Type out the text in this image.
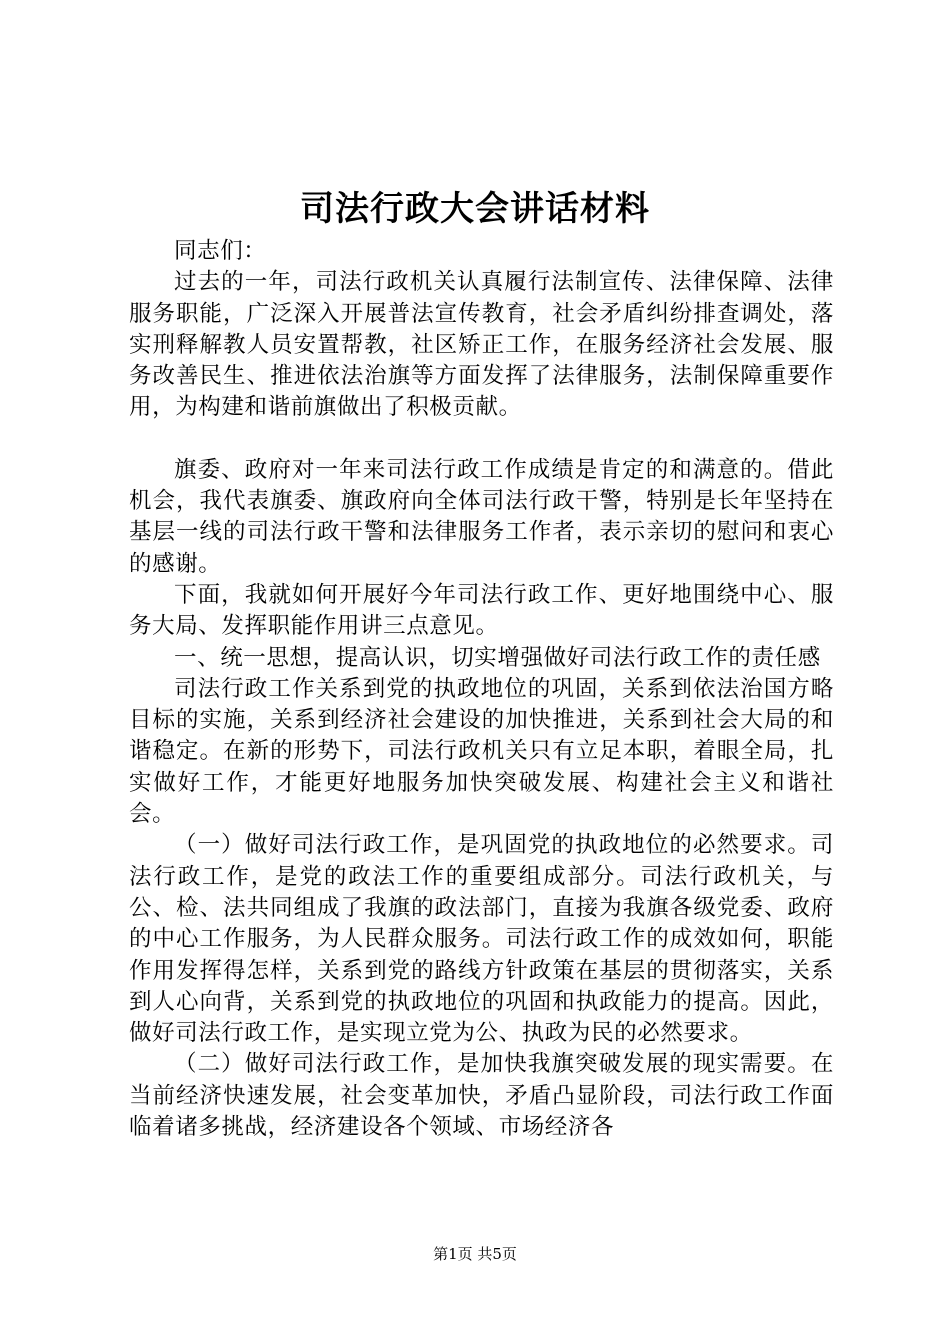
司法行政大会讲话材料

同志们：

过去的一年，司法行政机关认真履行法制宣传、法律保障、法律服务职能，广泛深入开展普法宣传教育，社会矛盾纠纷排查调处，落实刑释解教人员安置帮教，社区矫正工作，在服务经济社会发展、服务改善民生、推进依法治旗等方面发挥了法律服务，法制保障重要作用，为构建和谐前旗做出了积极贡献。

旗委、政府对一年来司法行政工作成绩是肯定的和满意的。借此机会，我代表旗委、旗政府向全体司法行政干警，特别是长年坚持在基层一线的司法行政干警和法律服务工作者，表示亲切的慰问和衷心的感谢。

下面，我就如何开展好今年司法行政工作、更好地围绕中心、服务大局、发挥职能作用讲三点意见。

一、统一思想，提高认识，切实增强做好司法行政工作的责任感

司法行政工作关系到党的执政地位的巩固，关系到依法治国方略目标的实施，关系到经济社会建设的加快推进，关系到社会大局的和谐稳定。在新的形势下，司法行政机关只有立足本职，着眼全局，扎实做好工作，才能更好地服务加快突破发展、构建社会主义和谐社会。

（一）做好司法行政工作，是巩固党的执政地位的必然要求。司法行政工作，是党的政法工作的重要组成部分。司法行政机关，与公、检、法共同组成了我旗的政法部门，直接为我旗各级党委、政府的中心工作服务，为人民群众服务。司法行政工作的成效如何，职能作用发挥得怎样，关系到党的路线方针政策在基层的贯彻落实，关系到人心向背，关系到党的执政地位的巩固和执政能力的提高。因此，做好司法行政工作，是实现立党为公、执政为民的必然要求。

（二）做好司法行政工作，是加快我旗突破发展的现实需要。在当前经济快速发展，社会变革加快，矛盾凸显阶段，司法行政工作面临着诸多挑战，经济建设各个领域、市场经济各

第1页 共5页
